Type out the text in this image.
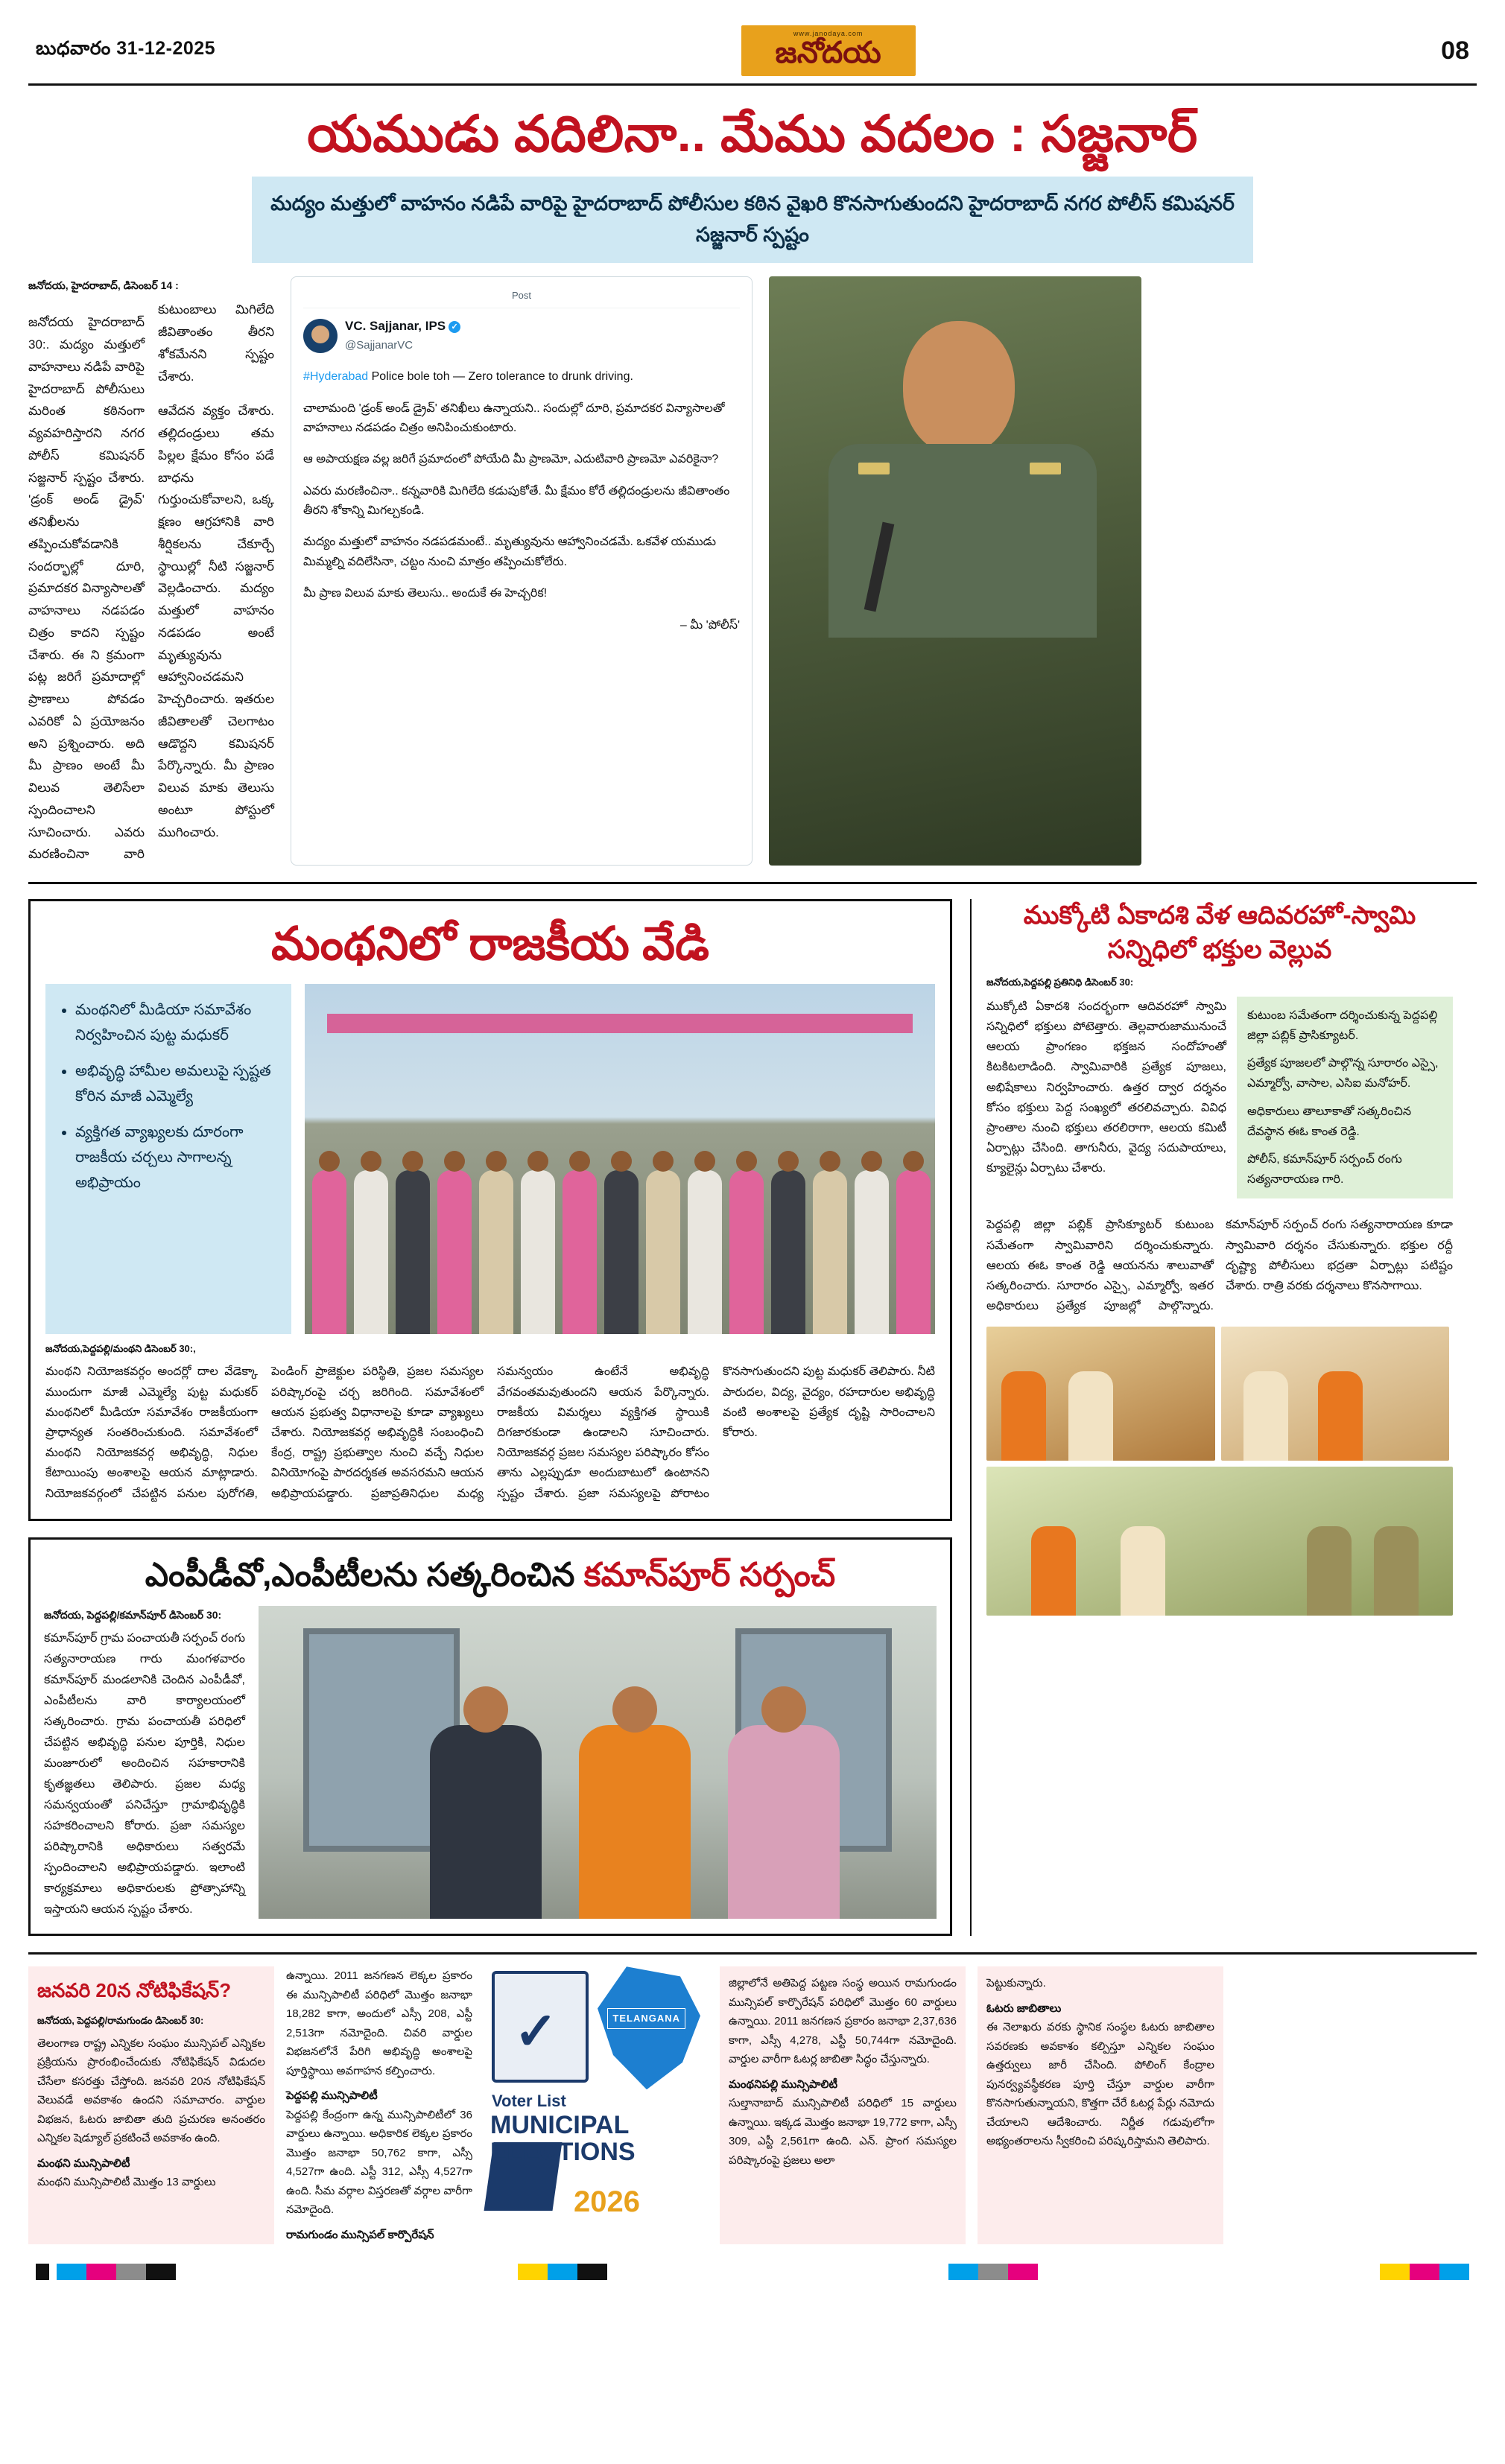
బుధవారం 31-12-2025
www.janodaya.com
జనోదయ	08
యముడు వదిలినా.. మేము వదలం : సజ్జనార్
మద్యం మత్తులో వాహనం నడిపే వారిపై హైదరాబాద్ పోలీసుల కఠిన వైఖరి కొనసాగుతుందని హైదరాబాద్ నగర పోలీస్ కమిషనర్ సజ్జనార్ స్పష్టం
జనోదయ, హైదరాబాద్, డిసెంబర్ 14 :

జనోదయ హైదరాబాద్ 30:. మద్యం మత్తులో వాహనాలు నడిపే వారిపై హైదరాబాద్ పోలీసులు మరింత కఠినంగా వ్యవహరిస్తారని నగర పోలీస్ కమిషనర్ సజ్జనార్ స్పష్టం చేశారు. 'డ్రంక్ అండ్ డ్రైవ్' తనిఖీలను తప్పించుకోవడానికి సందర్భాల్లో దూరి, ప్రమాదకర విన్యాసాలతో వాహనాలు నడపడం చిత్రం కాదని స్పష్టం చేశారు. ఈ ని క్రమంగా పట్ల జరిగే ప్రమాదాల్లో ప్రాణాలు పోవడం ఎవరికో ఏ ప్రయోజనం అని ప్రశ్నించారు. అది మీ ప్రాణం అంటే మీ విలువ తెలిసేలా స్పందించాలని సూచించారు. ఎవరు మరణించినా వారి కుటుంబాలు మిగిలేది జీవితాంతం తీరని శోకమేనని స్పష్టం చేశారు.

ఆవేదన వ్యక్తం చేశారు. తల్లిదండ్రులు తమ పిల్లల క్షేమం కోసం పడే బాధను గుర్తుంచుకోవాలని, ఒక్క క్షణం ఆగ్రహానికి వారి శీర్షికలను చేకూర్చే స్థాయిల్లో నీటి సజ్జనార్ వెల్లడించారు. మద్యం మత్తులో వాహనం నడపడం అంటే మృత్యువును ఆహ్వానించడమని హెచ్చరించారు. ఇతరుల జీవితాలతో చెలగాటం ఆడొద్దని కమిషనర్ పేర్కొన్నారు. మీ ప్రాణం విలువ మాకు తెలుసు అంటూ పోస్టులో ముగించారు.

Post
VC. Sajjanar, IPS ✓
@SajjanarVC

#Hyderabad Police bole toh — Zero tolerance to drunk driving.

చాలామంది 'డ్రంక్ అండ్ డ్రైవ్' తనిఖీలు ఉన్నాయని.. సందుల్లో దూరి, ప్రమాదకర విన్యాసాలతో వాహనాలు నడపడం చిత్రం అనిపించుకుంటారు.

ఆ అపాయక్షణ వల్ల జరిగే ప్రమాదంలో పోయేది మీ ప్రాణమో, ఎదుటివారి ప్రాణమో ఎవరికైనా?

ఎవరు మరణించినా.. కన్నవారికి మిగిలేది కడుపుకోతే. మీ క్షేమం కోరే తల్లిదండ్రులను జీవితాంతం తీరని శోకాన్ని మిగల్చకండి.

మద్యం మత్తులో వాహనం నడపడమంటే.. మృత్యువును ఆహ్వానించడమే. ఒకవేళ యముడు మిమ్మల్ని వదిలేసినా, చట్టం నుంచి మాత్రం తప్పించుకోలేరు.

మీ ప్రాణ విలువ మాకు తెలుసు.. అందుకే ఈ హెచ్చరిక!

– మీ 'పోలీస్'

మంథనిలో రాజకీయ వేడి
• మంథనిలో మీడియా సమావేశం నిర్వహించిన పుట్ట మధుకర్
• అభివృద్ధి హామీల అమలుపై స్పష్టత కోరిన మాజీ ఎమ్మెల్యే
• వ్యక్తిగత వ్యాఖ్యలకు దూరంగా రాజకీయ చర్చలు సాగాలన్న అభిప్రాయం
జనోదయ,పెద్దపల్లి/మంథని డిసెంబర్ 30:,
మంథని నియోజకవర్గం అందర్లో దాల వేడెక్కా ముందుగా మాజీ ఎమ్మెల్యే పుట్ట మధుకర్ మంథనిలో మీడియా సమావేశం రాజకీయంగా ప్రాధాన్యత సంతరించుకుంది. సమావేశంలో మంథని నియోజకవర్గ అభివృద్ధి, నిధుల కేటాయింపు అంశాలపై ఆయన మాట్లాడారు. నియోజకవర్గంలో చేపట్టిన పనుల పురోగతి, పెండింగ్ ప్రాజెక్టుల పరిస్థితి, ప్రజల సమస్యల పరిష్కారంపై చర్చ జరిగింది. సమావేశంలో ఆయన ప్రభుత్వ విధానాలపై కూడా వ్యాఖ్యలు చేశారు. నియోజకవర్గ అభివృద్ధికి సంబంధించి కేంద్ర, రాష్ట్ర ప్రభుత్వాల నుంచి వచ్చే నిధుల వినియోగంపై పారదర్శకత అవసరమని ఆయన అభిప్రాయపడ్డారు. ప్రజాప్రతినిధుల మధ్య సమన్వయం ఉంటేనే అభివృద్ధి వేగవంతమవుతుందని ఆయన పేర్కొన్నారు. రాజకీయ విమర్శలు వ్యక్తిగత స్థాయికి దిగజారకుండా ఉండాలని సూచించారు. నియోజకవర్గ ప్రజల సమస్యల పరిష్కారం కోసం తాను ఎల్లప్పుడూ అందుబాటులో ఉంటానని స్పష్టం చేశారు. ప్రజా సమస్యలపై పోరాటం కొనసాగుతుందని పుట్ట మధుకర్ తెలిపారు. నీటి పారుదల, విద్య, వైద్యం, రహదారుల అభివృద్ధి వంటి అంశాలపై ప్రత్యేక దృష్టి సారించాలని కోరారు.
ఎంపీడీవో,ఎంపీటీలను సత్కరించిన కమాన్‌పూర్ సర్పంచ్
జనోదయ, పెద్దపల్లి/కమాన్‌పూర్ డిసెంబర్ 30:
కమాన్‌పూర్ గ్రామ పంచాయతీ సర్పంచ్ రంగు సత్యనారాయణ గారు మంగళవారం కమాన్‌పూర్ మండలానికి చెందిన ఎంపీడీవో, ఎంపీటీలను వారి కార్యాలయంలో సత్కరించారు. గ్రామ పంచాయతీ పరిధిలో చేపట్టిన అభివృద్ధి పనుల పూర్తికి, నిధుల మంజూరులో అందించిన సహకారానికి కృతజ్ఞతలు తెలిపారు. ప్రజల మధ్య సమన్వయంతో పనిచేస్తూ గ్రామాభివృద్ధికి సహకరించాలని కోరారు. ప్రజా సమస్యల పరిష్కారానికి అధికారులు సత్వరమే స్పందించాలని అభిప్రాయపడ్డారు. ఇలాంటి కార్యక్రమాలు అధికారులకు ప్రోత్సాహాన్ని ఇస్తాయని ఆయన స్పష్టం చేశారు.
ముక్కోటి ఏకాదశి వేళ ఆదివరహో-స్వామి సన్నిధిలో భక్తుల వెల్లువ
జనోదయ,పెద్దపల్లి ప్రతినిధి డిసెంబర్ 30:
ముక్కోటి ఏకాదశి సందర్భంగా ఆదివరహో స్వామి సన్నిధిలో భక్తులు పోటెత్తారు. తెల్లవారుజామునుంచే ఆలయ ప్రాంగణం భక్తజన సందోహంతో కిటకిటలాడింది. స్వామివారికి ప్రత్యేక పూజలు, అభిషేకాలు నిర్వహించారు. ఉత్తర ద్వార దర్శనం కోసం భక్తులు పెద్ద సంఖ్యలో తరలివచ్చారు. వివిధ ప్రాంతాల నుంచి భక్తులు తరలిరాగా, ఆలయ కమిటీ ఏర్పాట్లు చేసింది. తాగునీరు, వైద్య సదుపాయాలు, క్యూలైన్లు ఏర్పాటు చేశారు.

కుటుంబ సమేతంగా దర్శించుకున్న పెద్దపల్లి జిల్లా పబ్లిక్ ప్రాసిక్యూటర్.

ప్రత్యేక పూజలలో పాల్గొన్న సూరారం ఎస్సై, ఎమ్మార్వో, వాసాల, ఎసిఐ మనోహర్.

అధికారులు తాలూకాతో సత్కరించిన దేవస్థాన ఈఓ కాంత రెడ్డి.

పోలీస్, కమాన్‌పూర్ సర్పంచ్ రంగు సత్యనారాయణ గారి.

పెద్దపల్లి జిల్లా పబ్లిక్ ప్రాసిక్యూటర్ కుటుంబ సమేతంగా స్వామివారిని దర్శించుకున్నారు. ఆలయ ఈఓ కాంత రెడ్డి ఆయనను శాలువాతో సత్కరించారు. సూరారం ఎస్సై, ఎమ్మార్వో, ఇతర అధికారులు ప్రత్యేక పూజల్లో పాల్గొన్నారు. కమాన్‌పూర్ సర్పంచ్ రంగు సత్యనారాయణ కూడా స్వామివారి దర్శనం చేసుకున్నారు. భక్తుల రద్దీ దృష్ట్యా పోలీసులు భద్రతా ఏర్పాట్లు పటిష్టం చేశారు. రాత్రి వరకు దర్శనాలు కొనసాగాయి.
జనవరి 20న నోటిఫికేషన్?
జనోదయ, పెద్దపల్లి/రామగుండం డిసెంబర్ 30:
తెలంగాణ రాష్ట్ర ఎన్నికల సంఘం మున్సిపల్ ఎన్నికల ప్రక్రియను ప్రారంభించేందుకు నోటిఫికేషన్ విడుదల చేసేలా కసరత్తు చేస్తోంది. జనవరి 20న నోటిఫికేషన్ వెలువడే అవకాశం ఉందని సమాచారం. వార్డుల విభజన, ఓటరు జాబితా తుది ప్రచురణ అనంతరం ఎన్నికల షెడ్యూల్ ప్రకటించే అవకాశం ఉంది.
మంథని మున్సిపాలిటీ
మంథని మున్సిపాలిటీ మొత్తం 13 వార్డులు
ఉన్నాయి. 2011 జనగణన లెక్కల ప్రకారం ఈ మున్సిపాలిటీ పరిధిలో మొత్తం జనాభా 18,282 కాగా, అందులో ఎస్సీ 208, ఎస్టీ 2,513గా నమోదైంది. చివరి వార్డుల విభజనలోనే పేరిగి అభివృద్ధి అంశాలపై పూర్తిస్థాయి అవగాహన కల్పించారు.
పెద్దపల్లి మున్సిపాలిటీ
పెద్దపల్లి కేంద్రంగా ఉన్న మున్సిపాలిటీలో 36 వార్డులు ఉన్నాయి. అధికారిక లెక్కల ప్రకారం మొత్తం జనాభా 50,762 కాగా, ఎస్సీ 4,527గా ఉంది. ఎస్టీ 312, ఎస్సీ 4,527గా ఉంది. సీమ వర్గాల విస్తరణతో వర్గాల వారీగా నమోదైంది.
రామగుండం మున్సిపల్ కార్పొరేషన్
✓
TELANGANA
Voter List
MUNICIPAL
ELECTIONS
2026
జిల్లాలోనే అతిపెద్ద పట్టణ సంస్థ అయిన రామగుండం మున్సిపల్ కార్పొరేషన్ పరిధిలో మొత్తం 60 వార్డులు ఉన్నాయి. 2011 జనగణన ప్రకారం జనాభా 2,37,636 కాగా, ఎస్సీ 4,278, ఎస్టీ 50,744గా నమోదైంది. వార్డుల వారీగా ఓటర్ల జాబితా సిద్ధం చేస్తున్నారు.
మంథనిపల్లి మున్సిపాలిటీ
సుల్తానాబాద్ మున్సిపాలిటీ పరిధిలో 15 వార్డులు ఉన్నాయి. ఇక్కడ మొత్తం జనాభా 19,772 కాగా, ఎస్సీ 309, ఎస్టీ 2,561గా ఉంది. ఎన్. ప్రాంగ సమస్యల పరిష్కారంపై ప్రజలు అలా
పెట్టుకున్నారు.
ఓటరు జాబితాలు
ఈ నెలాఖరు వరకు స్థానిక సంస్థల ఓటరు జాబితాల సవరణకు అవకాశం కల్పిస్తూ ఎన్నికల సంఘం ఉత్తర్వులు జారీ చేసింది. పోలింగ్ కేంద్రాల పునర్వ్యవస్థీకరణ పూర్తి చేస్తూ వార్డుల వారీగా కొనసాగుతున్నాయని, కొత్తగా చేరే ఓటర్ల పేర్లు నమోదు చేయాలని ఆదేశించారు. నిర్ణీత గడువులోగా అభ్యంతరాలను స్వీకరించి పరిష్కరిస్తామని తెలిపారు.
